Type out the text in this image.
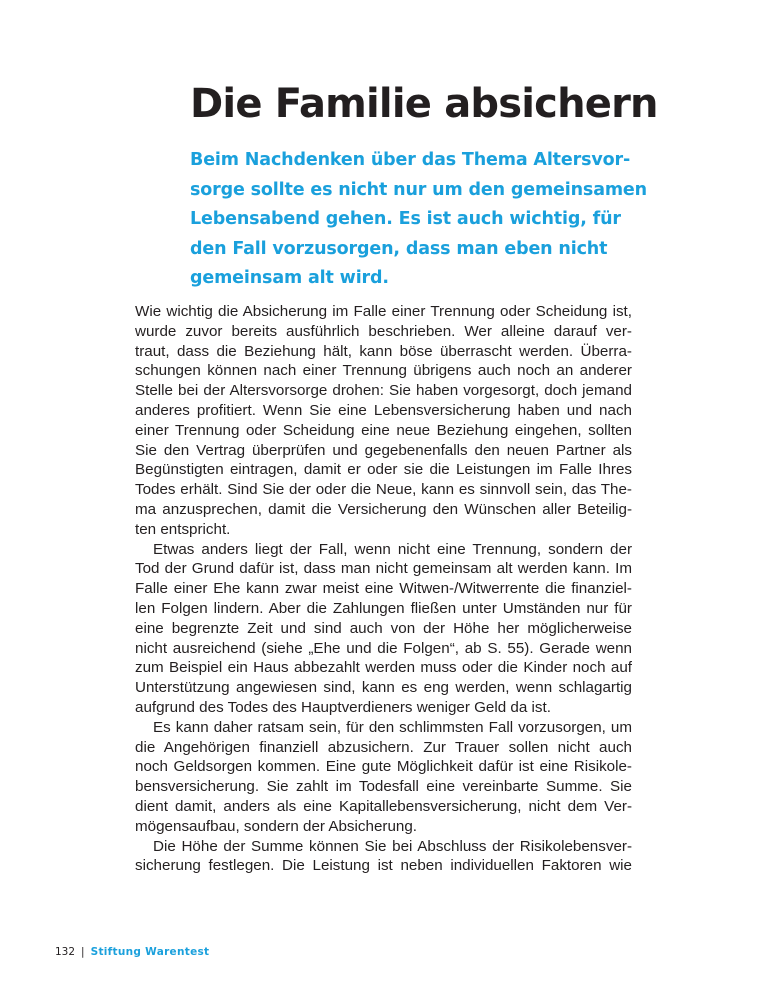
Die Familie absichern
Beim Nachdenken über das Thema Altersvor-
sorge sollte es nicht nur um den gemeinsamen
Lebensabend gehen. Es ist auch wichtig, für
den Fall vorzusorgen, dass man eben nicht
gemeinsam alt wird.
Wie wichtig die Absicherung im Falle einer Trennung oder Scheidung ist,
wurde zuvor bereits ausführlich beschrieben. Wer alleine darauf ver-
traut, dass die Beziehung hält, kann böse überrascht werden. Überra-
schungen können nach einer Trennung übrigens auch noch an anderer
Stelle bei der Altersvorsorge drohen: Sie haben vorgesorgt, doch jemand
anderes profitiert. Wenn Sie eine Lebensversicherung haben und nach
einer Trennung oder Scheidung eine neue Beziehung eingehen, sollten
Sie den Vertrag überprüfen und gegebenenfalls den neuen Partner als
Begünstigten eintragen, damit er oder sie die Leistungen im Falle Ihres
Todes erhält. Sind Sie der oder die Neue, kann es sinnvoll sein, das The-
ma anzusprechen, damit die Versicherung den Wünschen aller Beteilig-
ten entspricht.
Etwas anders liegt der Fall, wenn nicht eine Trennung, sondern der
Tod der Grund dafür ist, dass man nicht gemeinsam alt werden kann. Im
Falle einer Ehe kann zwar meist eine Witwen-/Witwerrente die finanziel-
len Folgen lindern. Aber die Zahlungen fließen unter Umständen nur für
eine begrenzte Zeit und sind auch von der Höhe her möglicherweise
nicht ausreichend (siehe „Ehe und die Folgen“, ab S. 55). Gerade wenn
zum Beispiel ein Haus abbezahlt werden muss oder die Kinder noch auf
Unterstützung angewiesen sind, kann es eng werden, wenn schlagartig
aufgrund des Todes des Hauptverdieners weniger Geld da ist.
Es kann daher ratsam sein, für den schlimmsten Fall vorzusorgen, um
die Angehörigen finanziell abzusichern. Zur Trauer sollen nicht auch
noch Geldsorgen kommen. Eine gute Möglichkeit dafür ist eine Risikole-
bensversicherung. Sie zahlt im Todesfall eine vereinbarte Summe. Sie
dient damit, anders als eine Kapitallebensversicherung, nicht dem Ver-
mögensaufbau, sondern der Absicherung.
Die Höhe der Summe können Sie bei Abschluss der Risikolebensver-
sicherung festlegen. Die Leistung ist neben individuellen Faktoren wie
132 | Stiftung Warentest
